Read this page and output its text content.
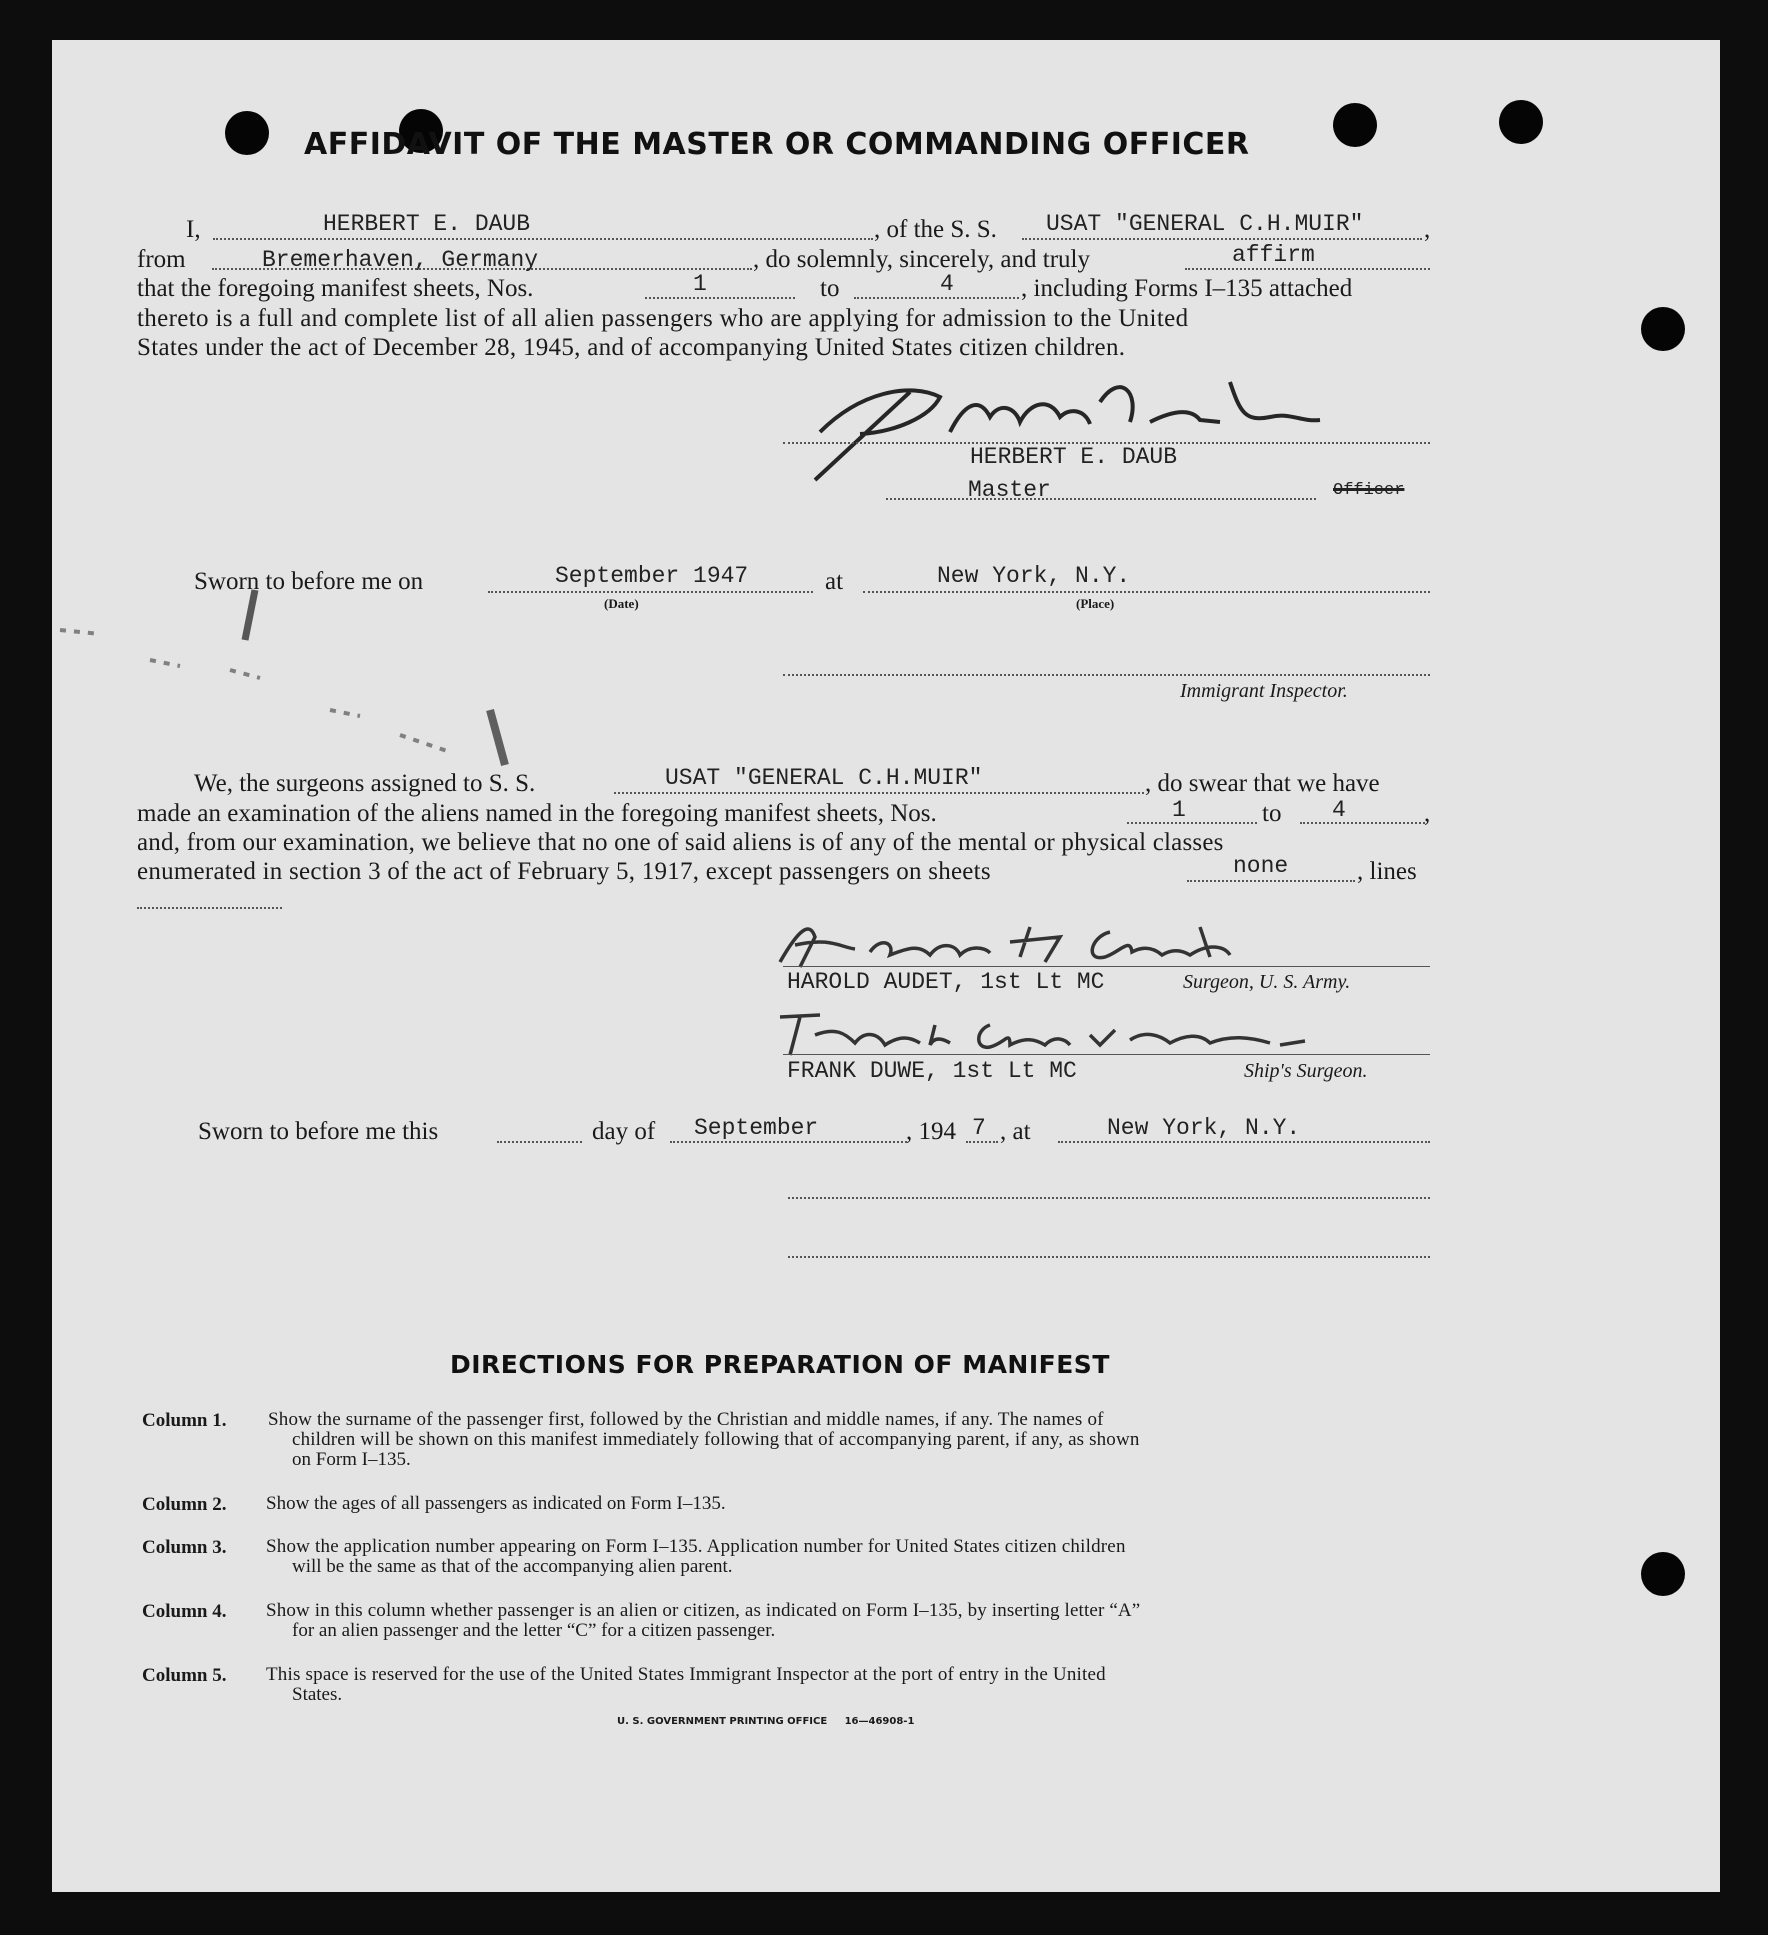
AFFIDAVIT OF THE MASTER OR COMMANDING OFFICER
I,	HERBERT E. DAUB	, of the S. S. USAT "GENERAL C.H.MUIR" ,
from	Bremerhaven, Germany	, do solemnly, sincerely, and truly	affirm
that the foregoing manifest sheets, Nos.	1	to	4	, including Forms I–135 attached
thereto is a full and complete list of all alien passengers who are applying for admission to the United
States under the act of December 28, 1945, and of accompanying United States citizen children.
Herbert E. Daub
HERBERT E. DAUB
Master	Officer
Sworn to before me on	September 1947
(Date)
at	New York, N.Y.
(Place)
Immigrant Inspector.
We, the surgeons assigned to S. S.	USAT "GENERAL C.H.MUIR"	, do swear that we have
made an examination of the aliens named in the foregoing manifest sheets, Nos.	1	to 4	,
and, from our examination, we believe that no one of said aliens is of any of the mental or physical classes
enumerated in section 3 of the act of February 5, 1917, except passengers on sheets	none	, lines
HAROLD AUDET, 1st Lt MC	Surgeon, U. S. Army.
FRANK DUWE, 1st Lt MC	Ship's Surgeon.
Sworn to before me this	day of September	, 194 7 , at	New York, N.Y.
DIRECTIONS FOR PREPARATION OF MANIFEST
Column 1. Show the surname of the passenger first, followed by the Christian and middle names, if any. The names of
children will be shown on this manifest immediately following that of accompanying parent, if any, as shown
on Form I–135.
Column 2. Show the ages of all passengers as indicated on Form I–135.
Column 3. Show the application number appearing on Form I–135. Application number for United States citizen children
will be the same as that of the accompanying alien parent.
Column 4. Show in this column whether passenger is an alien or citizen, as indicated on Form I–135, by inserting letter “A”
for an alien passenger and the letter “C” for a citizen passenger.
Column 5. This space is reserved for the use of the United States Immigrant Inspector at the port of entry in the United
States.
U. S. GOVERNMENT PRINTING OFFICE     16—46908-1
